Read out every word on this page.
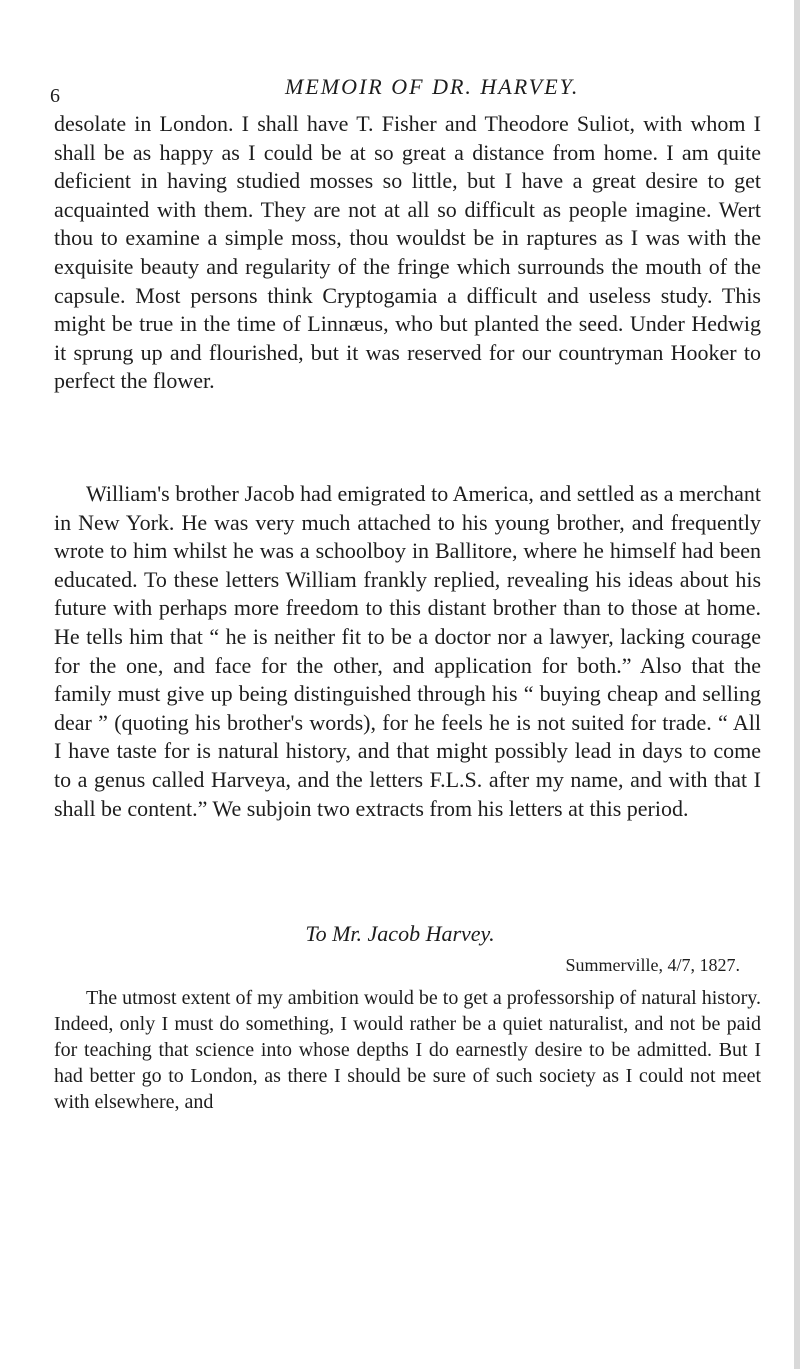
6	MEMOIR OF DR. HARVEY.

desolate in London. I shall have T. Fisher and Theodore Suliot, with whom I shall be as happy as I could be at so great a distance from home. I am quite deficient in having studied mosses so little, but I have a great desire to get acquainted with them. They are not at all so difficult as people imagine. Wert thou to examine a simple moss, thou wouldst be in raptures as I was with the exquisite beauty and regularity of the fringe which surrounds the mouth of the capsule. Most persons think Cryptogamia a difficult and useless study. This might be true in the time of Linnæus, who but planted the seed. Under Hedwig it sprung up and flourished, but it was reserved for our countryman Hooker to perfect the flower.

William's brother Jacob had emigrated to America, and settled as a merchant in New York. He was very much attached to his young brother, and frequently wrote to him whilst he was a schoolboy in Ballitore, where he himself had been educated. To these letters William frankly replied, revealing his ideas about his future with perhaps more freedom to this distant brother than to those at home. He tells him that “ he is neither fit to be a doctor nor a lawyer, lacking courage for the one, and face for the other, and application for both.” Also that the family must give up being distinguished through his “ buying cheap and selling dear ” (quoting his brother's words), for he feels he is not suited for trade. “ All I have taste for is natural history, and that might possibly lead in days to come to a genus called Harveya, and the letters F.L.S. after my name, and with that I shall be content.” We subjoin two extracts from his letters at this period.

To Mr. Jacob Harvey.
Summerville, 4/7, 1827.

The utmost extent of my ambition would be to get a professorship of natural history. Indeed, only I must do something, I would rather be a quiet naturalist, and not be paid for teaching that science into whose depths I do earnestly desire to be admitted. But I had better go to London, as there I should be sure of such society as I could not meet with elsewhere, and
